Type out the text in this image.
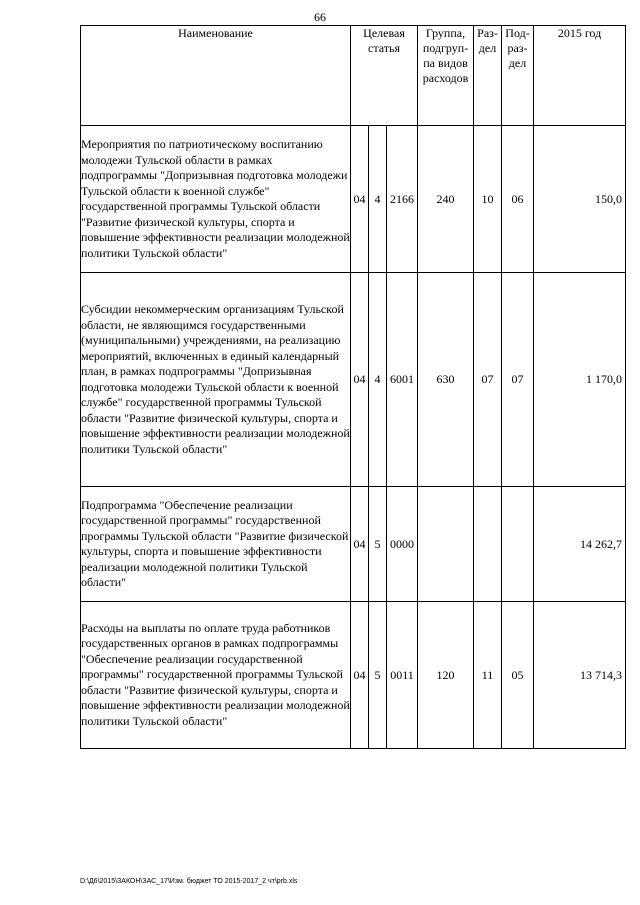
66
Наименование	Целевая статья			Группа, подгруп-па видов расходов	Раз-дел	Под-раз-дел	2015 год
Мероприятия по патриотическому воспитанию молодежи Тульской области в рамках подпрограммы "Допризывная подготовка молодежи Тульской области к военной службе" государственной программы Тульской области "Развитие физической культуры, спорта и повышение эффективности реализации молодежной политики Тульской области"	04	4	2166	240	10	06	150,0
Субсидии некоммерческим организациям Тульской области, не являющимся государственными (муниципальными) учреждениями, на реализацию мероприятий, включенных в единый календарный план, в рамках подпрограммы "Допризывная подготовка молодежи Тульской области к военной службе" государственной программы Тульской области "Развитие физической культуры, спорта и повышение эффективности реализации молодежной политики Тульской области"	04	4	6001	630	07	07	1 170,0
Подпрограмма "Обеспечение реализации государственной программы" государственной программы Тульской области "Развитие физической культуры, спорта и повышение эффективности реализации молодежной политики Тульской области"	04	5	0000				14 262,7
Расходы на выплаты по оплате труда работников государственных органов в рамках подпрограммы "Обеспечение реализации государственной программы" государственной программы Тульской области "Развитие физической культуры, спорта и повышение эффективности реализации молодежной политики Тульской области"	04	5	0011	120	11	05	13 714,3
D:\Д6\2015\ЗАКОН\ЗАС_17\Изм. бюджет ТО 2015-2017_2 чт\prb.xls
